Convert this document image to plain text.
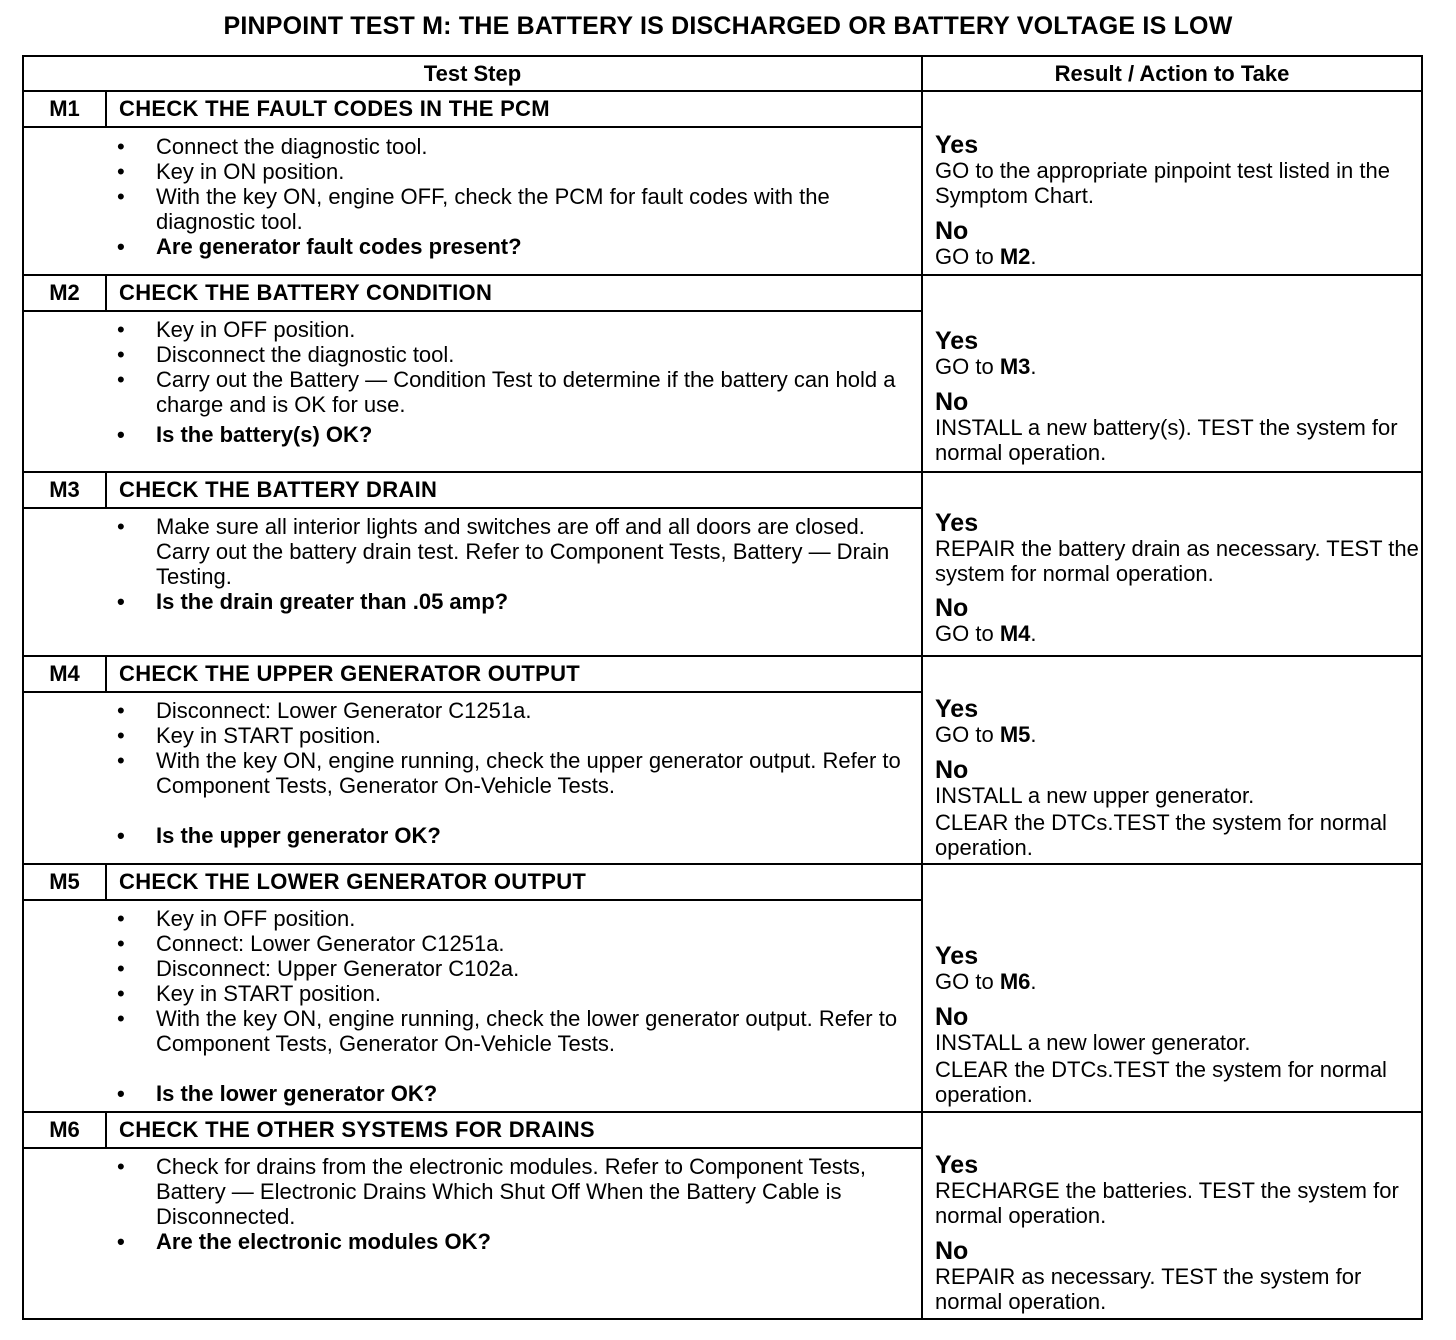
PINPOINT TEST M: THE BATTERY IS DISCHARGED OR BATTERY VOLTAGE IS LOW
Test Step	Result / Action to Take
M1	CHECK THE FAULT CODES IN THE PCM
• Connect the diagnostic tool.
• Key in ON position.
• With the key ON, engine OFF, check the PCM for fault codes with the diagnostic tool.
• Are generator fault codes present?
Yes
GO to the appropriate pinpoint test listed in the Symptom Chart.
No
GO to M2.
M2	CHECK THE BATTERY CONDITION
• Key in OFF position.
• Disconnect the diagnostic tool.
• Carry out the Battery — Condition Test to determine if the battery can hold a charge and is OK for use.
• Is the battery(s) OK?
Yes
GO to M3.
No
INSTALL a new battery(s). TEST the system for normal operation.
M3	CHECK THE BATTERY DRAIN
• Make sure all interior lights and switches are off and all doors are closed. Carry out the battery drain test. Refer to Component Tests, Battery — Drain Testing.
• Is the drain greater than .05 amp?
Yes
REPAIR the battery drain as necessary. TEST the system for normal operation.
No
GO to M4.
M4	CHECK THE UPPER GENERATOR OUTPUT
• Disconnect: Lower Generator C1251a.
• Key in START position.
• With the key ON, engine running, check the upper generator output. Refer to Component Tests, Generator On-Vehicle Tests.
• Is the upper generator OK?
Yes
GO to M5.
No
INSTALL a new upper generator.
CLEAR the DTCs.TEST the system for normal operation.
M5	CHECK THE LOWER GENERATOR OUTPUT
• Key in OFF position.
• Connect: Lower Generator C1251a.
• Disconnect: Upper Generator C102a.
• Key in START position.
• With the key ON, engine running, check the lower generator output. Refer to Component Tests, Generator On-Vehicle Tests.
• Is the lower generator OK?
Yes
GO to M6.
No
INSTALL a new lower generator.
CLEAR the DTCs.TEST the system for normal operation.
M6	CHECK THE OTHER SYSTEMS FOR DRAINS
• Check for drains from the electronic modules. Refer to Component Tests, Battery — Electronic Drains Which Shut Off When the Battery Cable is Disconnected.
• Are the electronic modules OK?
Yes
RECHARGE the batteries. TEST the system for normal operation.
No
REPAIR as necessary. TEST the system for normal operation.
